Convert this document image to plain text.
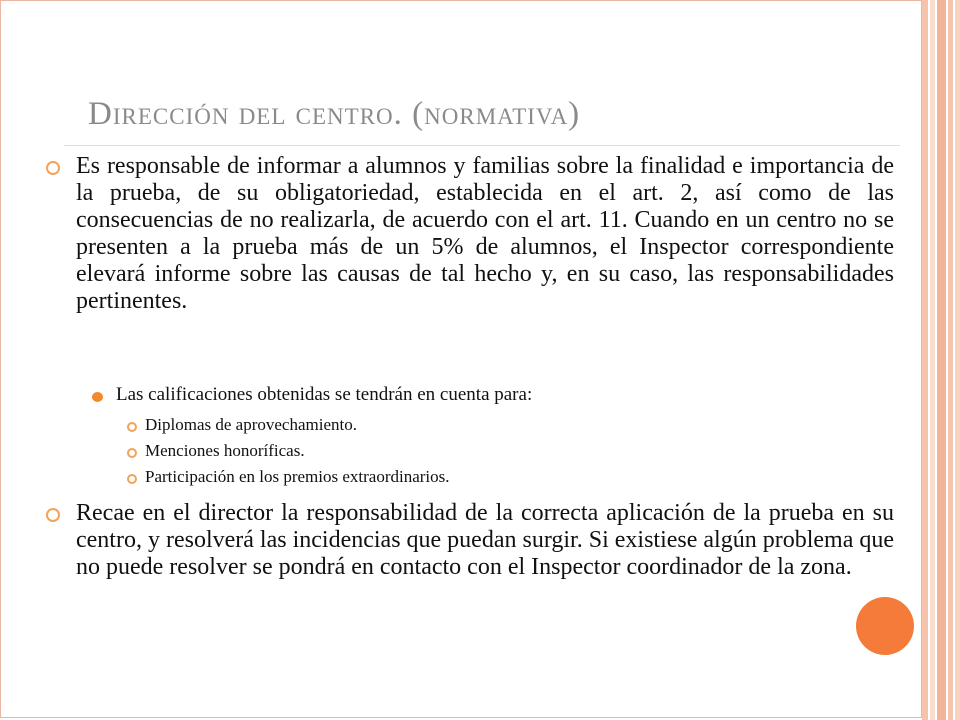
Dirección del centro. (normativa)

Es responsable de informar a alumnos y familias sobre la finalidad e importancia de la prueba, de su obligatoriedad, establecida en el art. 2, así como de las consecuencias de no realizarla, de acuerdo con el art. 11. Cuando en un centro no se presenten a la prueba más de un 5% de alumnos, el Inspector correspondiente elevará informe sobre las causas de tal hecho y, en su caso, las responsabilidades pertinentes.

Las calificaciones obtenidas se tendrán en cuenta para:

Diplomas de aprovechamiento.

Menciones honoríficas.

Participación en los premios extraordinarios.

Recae en el director la responsabilidad de la correcta aplicación de la prueba en su centro, y resolverá las incidencias que puedan surgir. Si existiese algún problema que no puede resolver se pondrá en contacto con el Inspector coordinador de la zona.
